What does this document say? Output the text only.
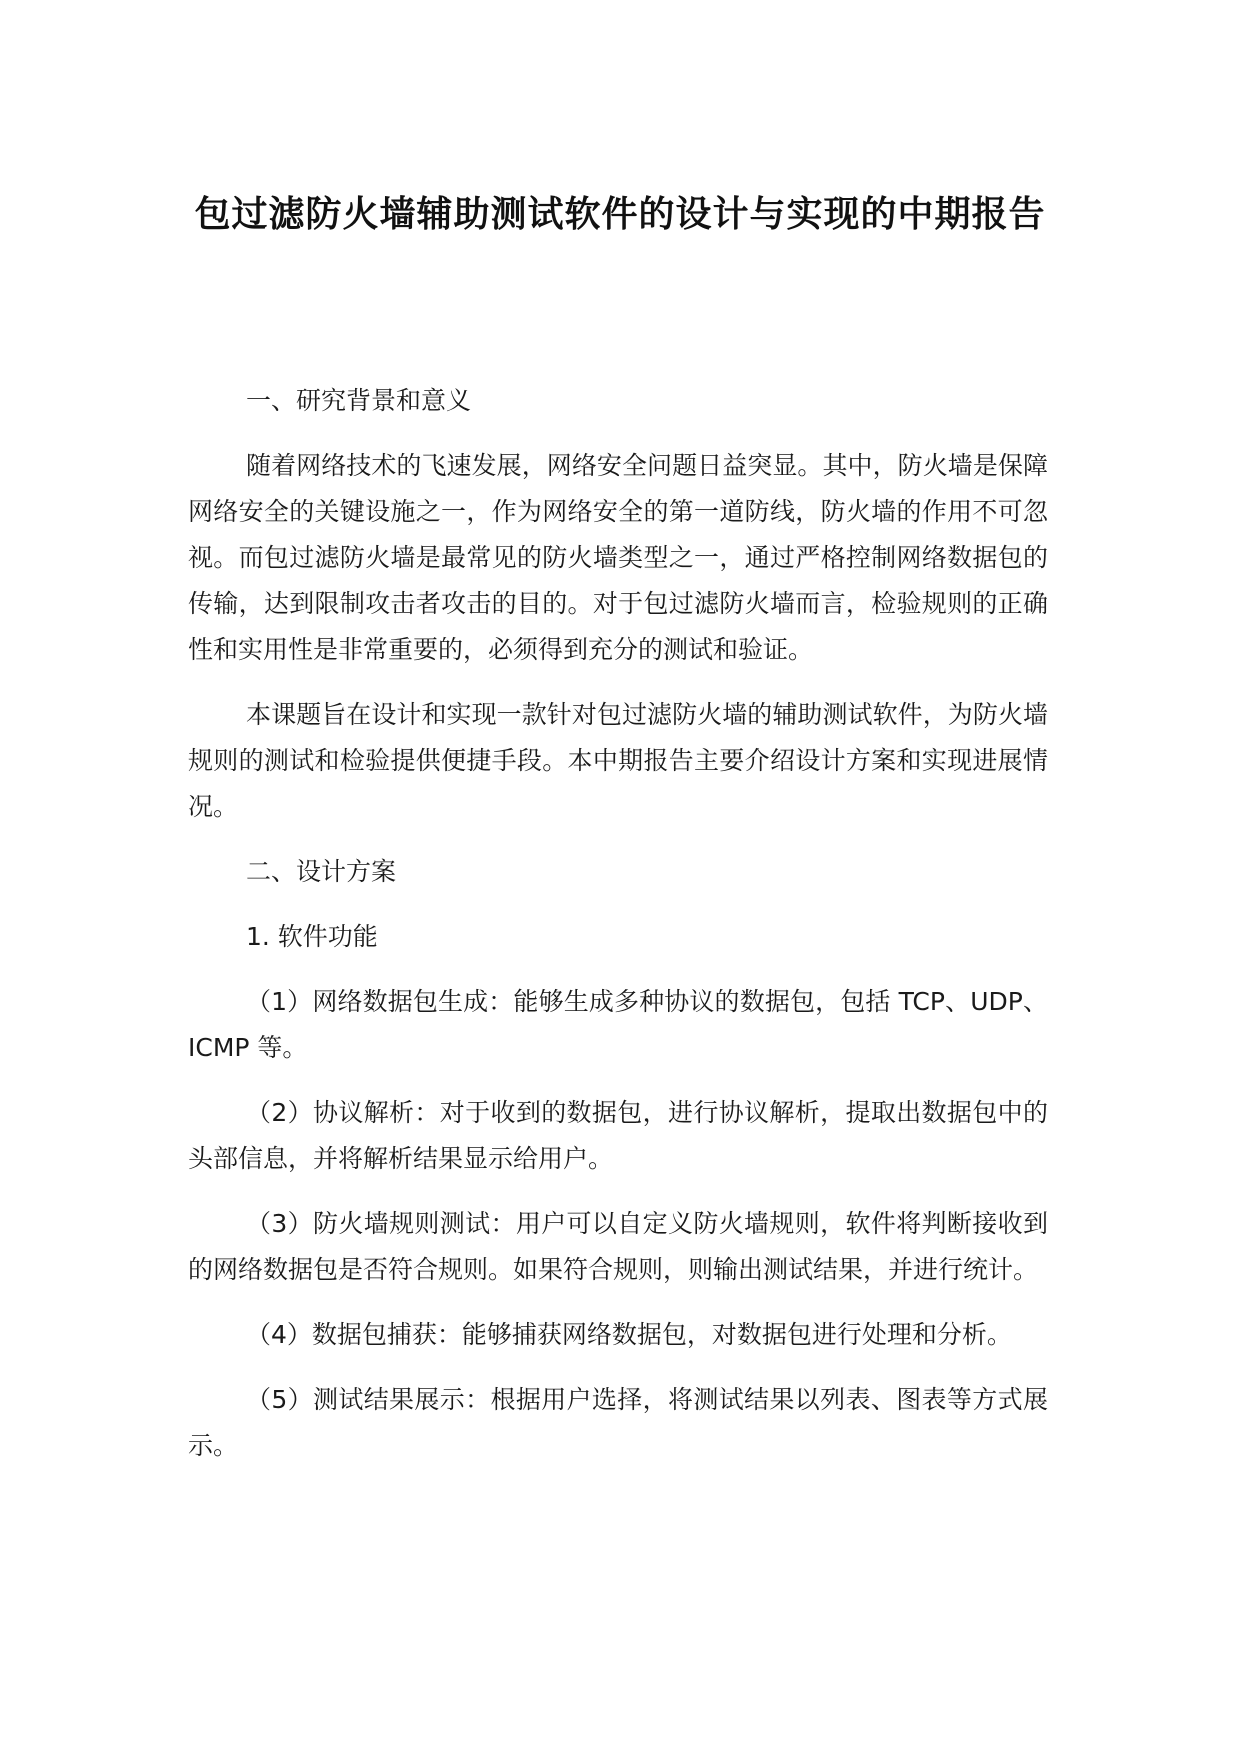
包过滤防火墙辅助测试软件的设计与实现的中期报告

一、研究背景和意义

随着网络技术的飞速发展，网络安全问题日益突显。其中，防火墙是保障网络安全的关键设施之一，作为网络安全的第一道防线，防火墙的作用不可忽视。而包过滤防火墙是最常见的防火墙类型之一，通过严格控制网络数据包的传输，达到限制攻击者攻击的目的。对于包过滤防火墙而言，检验规则的正确性和实用性是非常重要的，必须得到充分的测试和验证。

本课题旨在设计和实现一款针对包过滤防火墙的辅助测试软件，为防火墙规则的测试和检验提供便捷手段。本中期报告主要介绍设计方案和实现进展情况。

二、设计方案

1. 软件功能

（1）网络数据包生成：能够生成多种协议的数据包，包括 TCP、UDP、ICMP 等。

（2）协议解析：对于收到的数据包，进行协议解析，提取出数据包中的头部信息，并将解析结果显示给用户。

（3）防火墙规则测试：用户可以自定义防火墙规则，软件将判断接收到的网络数据包是否符合规则。如果符合规则，则输出测试结果，并进行统计。

（4）数据包捕获：能够捕获网络数据包，对数据包进行处理和分析。

（5）测试结果展示：根据用户选择，将测试结果以列表、图表等方式展示。
